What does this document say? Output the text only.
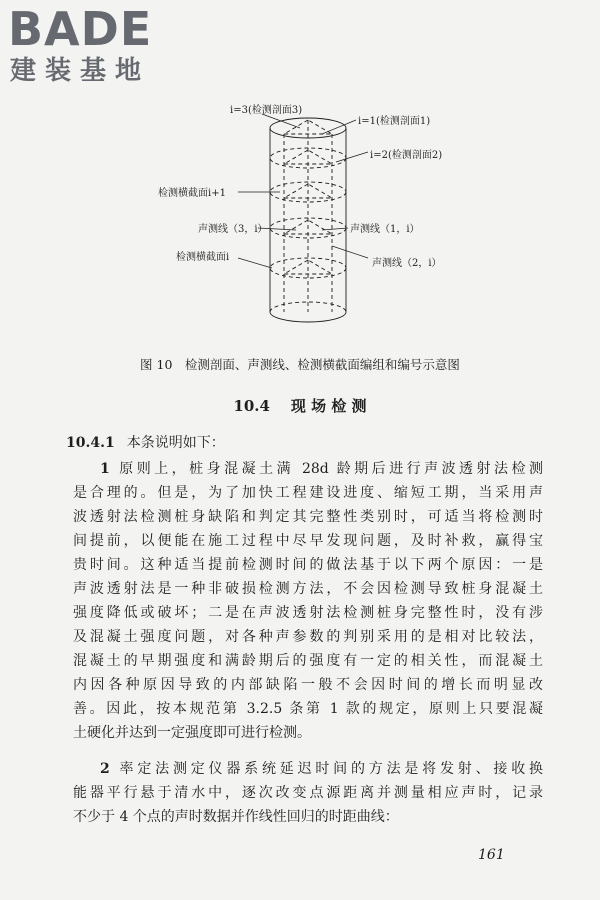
BADE
建装基地
i=3(检测剖面3)
i=1(检测剖面1)
i=2(检测剖面2)
检测横截面i+1
声测线（3，i）	声测线（1，i）
检测横截面i
声测线（2，i）
图 10　检测剖面、声测线、检测横截面编组和编号示意图
10.4 现 场 检 测
10.4.1 本条说明如下：
1 原则上，桩身混凝土满 28d 龄期后进行声波透射法检测
是合理的。但是，为了加快工程建设进度、缩短工期，当采用声
波透射法检测桩身缺陷和判定其完整性类别时，可适当将检测时
间提前，以便能在施工过程中尽早发现问题，及时补救，赢得宝
贵时间。这种适当提前检测时间的做法基于以下两个原因：一是
声波透射法是一种非破损检测方法，不会因检测导致桩身混凝土
强度降低或破坏；二是在声波透射法检测桩身完整性时，没有涉
及混凝土强度问题，对各种声参数的判别采用的是相对比较法，
混凝土的早期强度和满龄期后的强度有一定的相关性，而混凝土
内因各种原因导致的内部缺陷一般不会因时间的增长而明显改
善。因此，按本规范第 3.2.5 条第 1 款的规定，原则上只要混凝
土硬化并达到一定强度即可进行检测。
2 率定法测定仪器系统延迟时间的方法是将发射、接收换
能器平行悬于清水中，逐次改变点源距离并测量相应声时，记录
不少于 4 个点的声时数据并作线性回归的时距曲线：
161
